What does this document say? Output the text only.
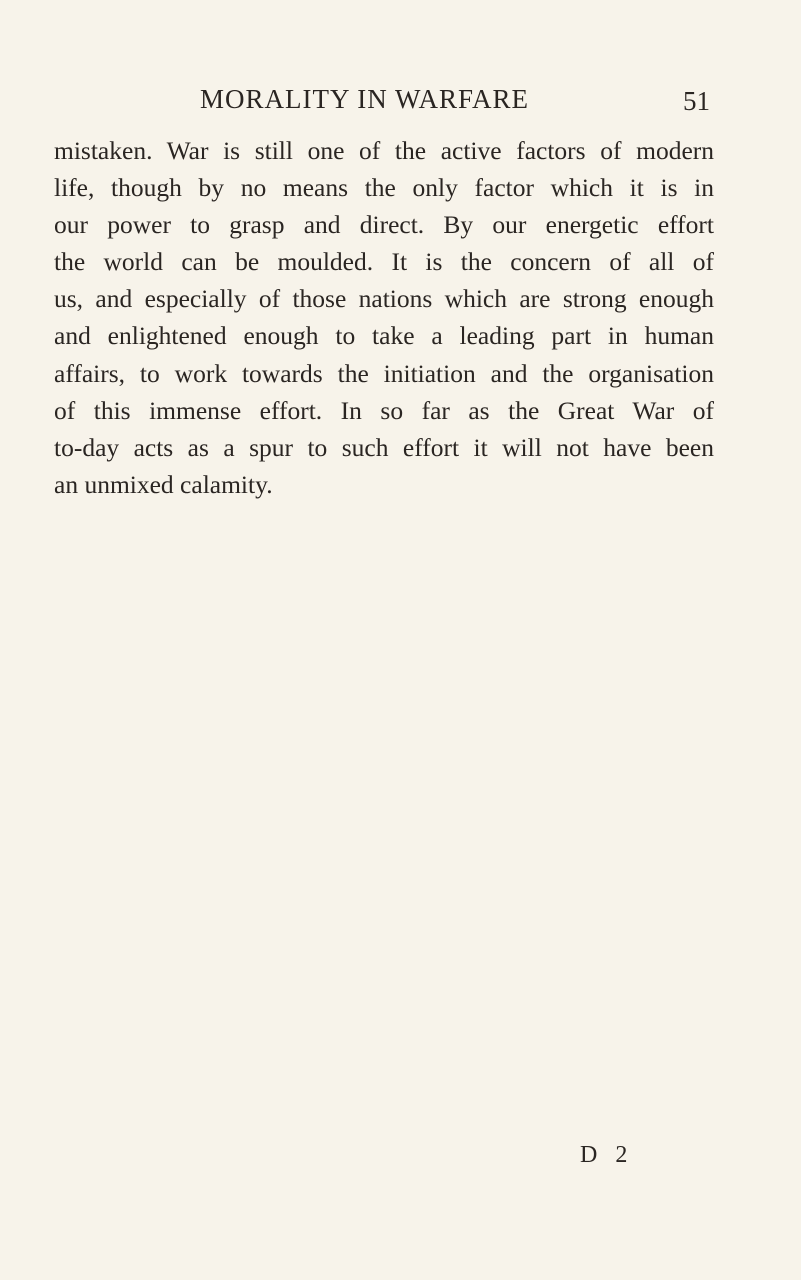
MORALITY IN WARFARE	51
mistaken. War is still one of the active factors of modern
life, though by no means the only factor which it is in
our power to grasp and direct. By our energetic effort
the world can be moulded. It is the concern of all of
us, and especially of those nations which are strong enough
and enlightened enough to take a leading part in human
affairs, to work towards the initiation and the organisation
of this immense effort. In so far as the Great War of
to-day acts as a spur to such effort it will not have been
an unmixed calamity.
D 2
